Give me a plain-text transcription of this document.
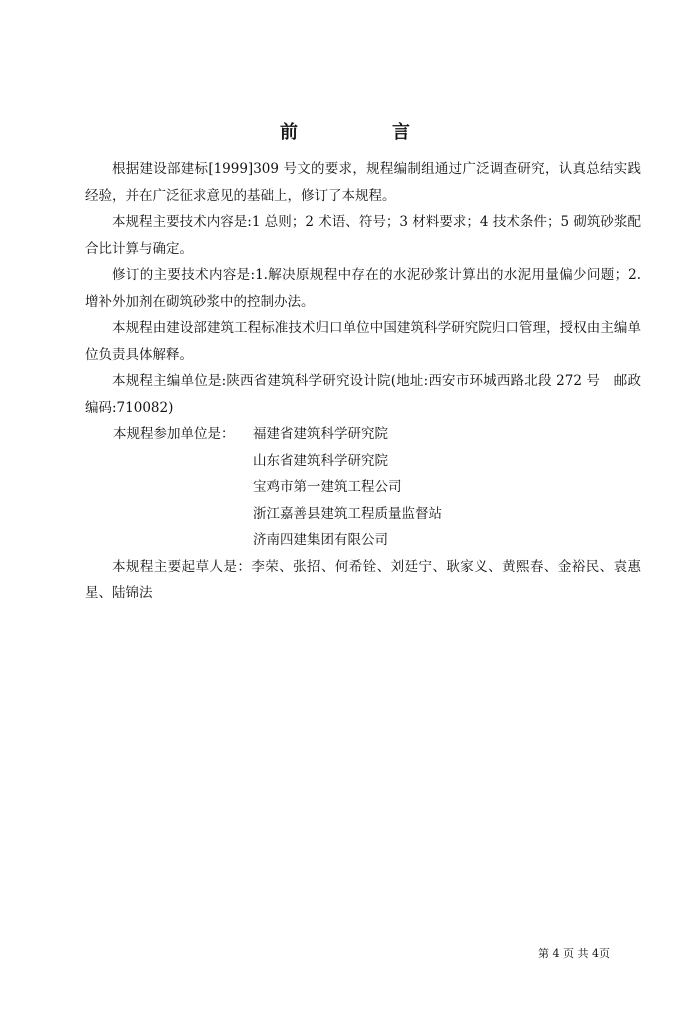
前　言

根据建设部建标[1999]309 号文的要求，规程编制组通过广泛调查研究，认真总结实践经验，并在广泛征求意见的基础上，修订了本规程。

本规程主要技术内容是:1 总则；2 术语、符号；3 材料要求；4 技术条件；5 砌筑砂浆配合比计算与确定。

修订的主要技术内容是:1.解决原规程中存在的水泥砂浆计算出的水泥用量偏少问题；2.增补外加剂在砌筑砂浆中的控制办法。

本规程由建设部建筑工程标准技术归口单位中国建筑科学研究院归口管理，授权由主编单位负责具体解释。

本规程主编单位是:陕西省建筑科学研究设计院(地址:西安市环城西路北段 272 号　邮政编码:710082)

本规程参加单位是：	福建省建筑科学研究院
山东省建筑科学研究院
宝鸡市第一建筑工程公司
浙江嘉善县建筑工程质量监督站
济南四建集团有限公司

本规程主要起草人是：李荣、张招、何希铨、刘廷宁、耿家义、黄熙春、金裕民、袁惠星、陆锦法

第 4 页 共 4页
